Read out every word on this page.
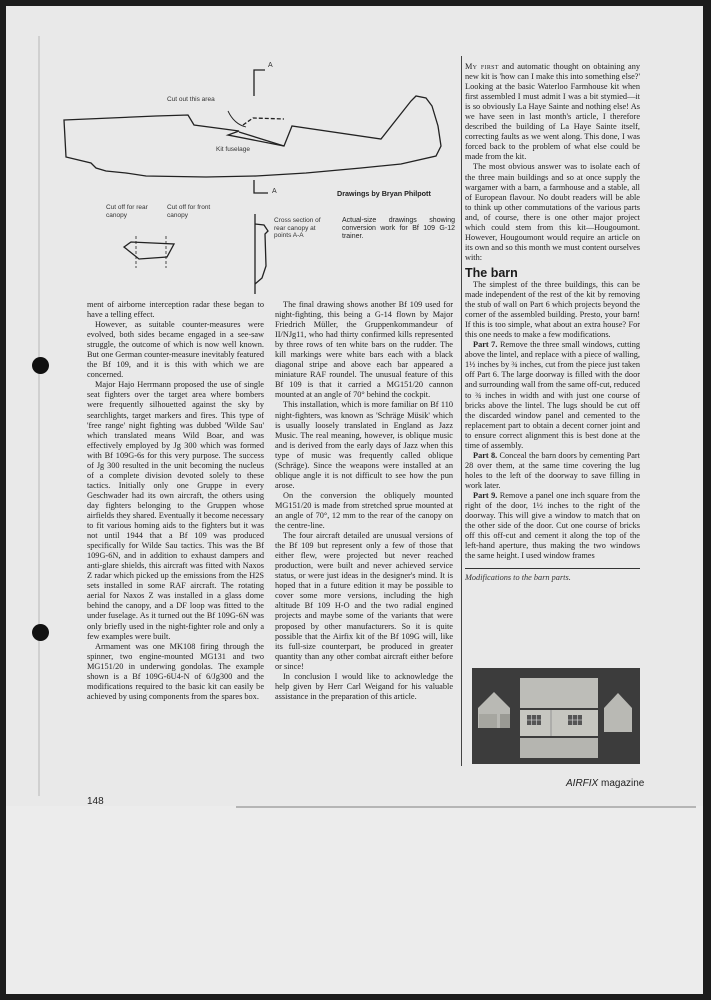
A
A
Cut out this area
Kit fuselage
Cut off for rear canopy
Cut off for front canopy
Cross section of rear canopy at points A-A
Drawings by Bryan Philpott
Actual-size drawings showing conversion work for Bf 109 G-12 trainer.

ment of airborne interception radar these began to have a telling effect.

However, as suitable counter-measures were evolved, both sides became engaged in a see-saw struggle, the outcome of which is now well known. But one German counter-measure inevitably featured the Bf 109, and it is this with which we are concerned.

Major Hajo Herrmann proposed the use of single seat fighters over the target area where bombers were frequently silhouetted against the sky by searchlights, target markers and fires. This type of 'free range' night fighting was dubbed 'Wilde Sau' which translated means Wild Boar, and was effectively employed by Jg 300 which was formed with Bf 109G-6s for this very purpose. The success of Jg 300 resulted in the unit becoming the nucleus of a complete division devoted solely to these tactics. Initially only one Gruppe in every Geschwader had its own aircraft, the others using day fighters belonging to the Gruppen whose airfields they shared. Eventually it become necessary to fit various homing aids to the fighters but it was not until 1944 that a Bf 109 was produced specifically for Wilde Sau tactics. This was the Bf 109G-6N, and in addition to exhaust dampers and anti-glare shields, this aircraft was fitted with Naxos Z radar which picked up the emissions from the H2S sets installed in some RAF aircraft. The rotating aerial for Naxos Z was installed in a glass dome behind the canopy, and a DF loop was fitted to the under fuselage. As it turned out the Bf 109G-6N was only briefly used in the night-fighter role and only a few examples were built.

Armament was one MK108 firing through the spinner, two engine-mounted MG131 and two MG151/20 in underwing gondolas. The example shown is a Bf 109G-6U4-N of 6/Jg300 and the modifications required to the basic kit can easily be achieved by using components from the spares box.

The final drawing shows another Bf 109 used for night-fighting, this being a G-14 flown by Major Friedrich Müller, the Gruppenkommandeur of II/NJg11, who had thirty confirmed kills represented by three rows of ten white bars on the rudder. The kill markings were white bars each with a black diagonal stripe and above each bar appeared a miniature RAF roundel. The unusual feature of this Bf 109 is that it carried a MG151/20 cannon mounted at an angle of 70° behind the cockpit.

This installation, which is more familiar on Bf 110 night-fighters, was known as 'Schräge Müsik' which is usually loosely translated in England as Jazz Music. The real meaning, however, is oblique music and is derived from the early days of Jazz when this type of music was frequently called oblique (Schräge). Since the weapons were installed at an oblique angle it is not difficult to see how the pun arose.

On the conversion the obliquely mounted MG151/20 is made from stretched sprue mounted at an angle of 70°, 12 mm to the rear of the canopy on the centre-line.

The four aircraft detailed are unusual versions of the Bf 109 but represent only a few of those that either flew, were projected but never reached production, were built and never achieved service status, or were just ideas in the designer's mind. It is hoped that in a future edition it may be possible to cover some more versions, including the high altitude Bf 109 H-O and the two radial engined projects and maybe some of the variants that were proposed by other manufacturers. So it is quite possible that the Airfix kit of the Bf 109G will, like its full-size counterpart, be produced in greater quantity than any other combat aircraft either before or since!

In conclusion I would like to acknowledge the help given by Herr Carl Weigand for his valuable assistance in the preparation of this article.

My first and automatic thought on obtaining any new kit is 'how can I make this into something else?' Looking at the basic Waterloo Farmhouse kit when first assembled I must admit I was a bit stymied—it is so obviously La Haye Sainte and nothing else! As we have seen in last month's article, I therefore described the building of La Haye Sainte itself, correcting faults as we went along. This done, I was forced back to the problem of what else could be made from the kit.

The most obvious answer was to isolate each of the three main buildings and so at once supply the wargamer with a barn, a farmhouse and a stable, all of European flavour. No doubt readers will be able to think up other commutations of the various parts and, of course, there is one other major project which could stem from this kit—Hougoumont. However, Hougoumont would require an article on its own and so this month we must content ourselves with:

The barn

The simplest of the three buildings, this can be made independent of the rest of the kit by removing the stub of wall on Part 6 which projects beyond the corner of the assembled building. Presto, your barn! If this is too simple, what about an extra house? For this one needs to make a few modifications.

Part 7. Remove the three small windows, cutting above the lintel, and replace with a piece of walling, 1½ inches by ¾ inches, cut from the piece just taken off Part 6. The large doorway is filled with the door and surrounding wall from the same off-cut, reduced to ¾ inches in width and with just one course of bricks above the lintel. The lugs should be cut off the discarded window panel and cemented to the replacement part to obtain a decent corner joint and to ensure correct alignment this is best done at the time of assembly.

Part 8. Conceal the barn doors by cementing Part 28 over them, at the same time covering the lug holes to the left of the doorway to save filling in work later.

Part 9. Remove a panel one inch square from the right of the door, 1½ inches to the right of the doorway. This will give a window to match that on the other side of the door. Cut one course of bricks off this off-cut and cement it along the top of the left-hand aperture, thus making the two windows the same height. I used window frames

Modifications to the barn parts.
148
AIRFIX magazine
